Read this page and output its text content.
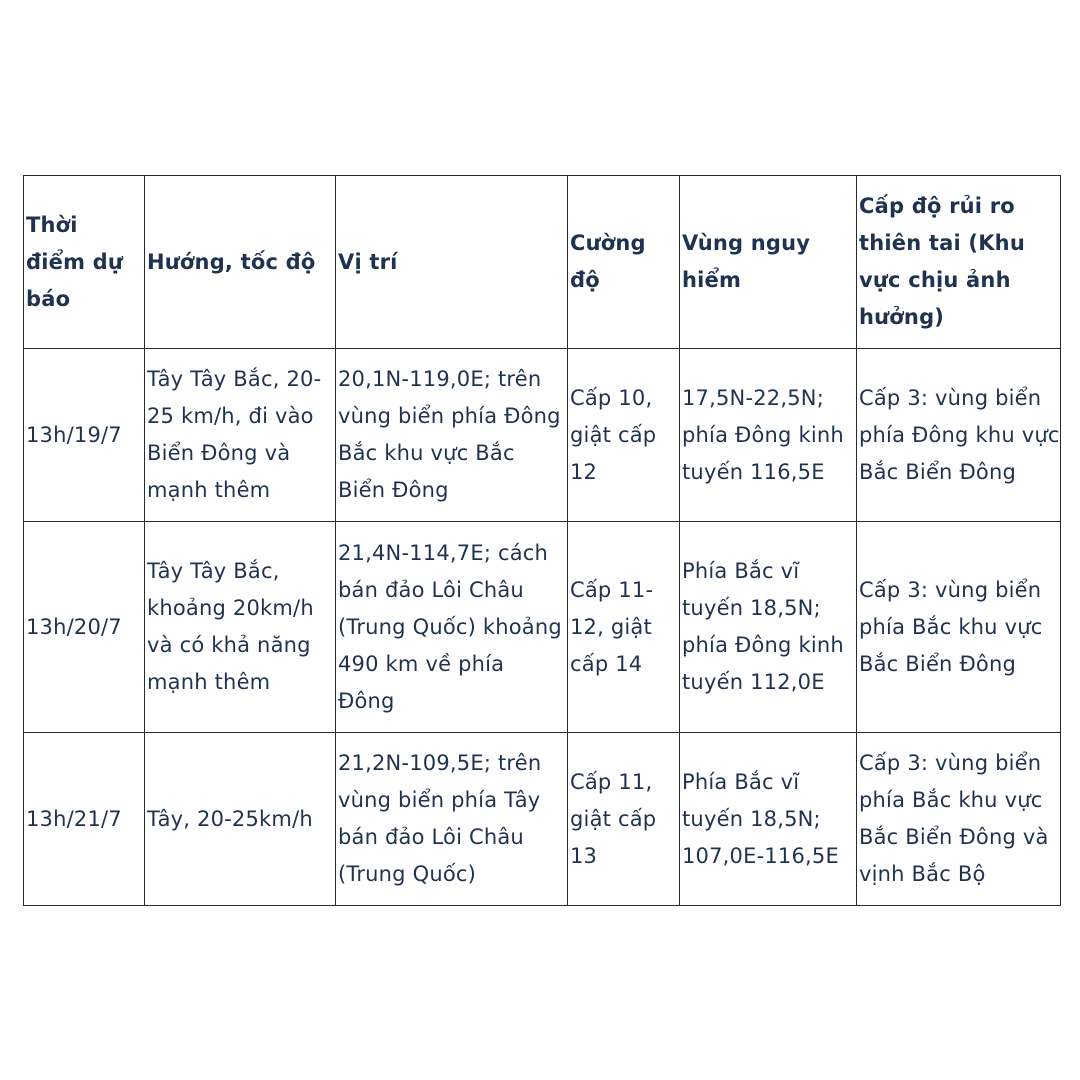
Thời điểm dự báo	Hướng, tốc độ	Vị trí	Cường độ	Vùng nguy hiểm	Cấp độ rủi ro thiên tai (Khu vực chịu ảnh hưởng)
13h/19/7	Tây Tây Bắc, 20-25 km/h, đi vào Biển Đông và mạnh thêm	20,1N-119,0E; trên vùng biển phía Đông Bắc khu vực Bắc Biển Đông	Cấp 10, giật cấp 12	17,5N-22,5N; phía Đông kinh tuyến 116,5E	Cấp 3: vùng biển phía Đông khu vực Bắc Biển Đông
13h/20/7	Tây Tây Bắc, khoảng 20km/h và có khả năng mạnh thêm	21,4N-114,7E; cách bán đảo Lôi Châu (Trung Quốc) khoảng 490 km về phía Đông	Cấp 11-12, giật cấp 14	Phía Bắc vĩ tuyến 18,5N; phía Đông kinh tuyến 112,0E	Cấp 3: vùng biển phía Bắc khu vực Bắc Biển Đông
13h/21/7	Tây, 20-25km/h	21,2N-109,5E; trên vùng biển phía Tây bán đảo Lôi Châu (Trung Quốc)	Cấp 11, giật cấp 13	Phía Bắc vĩ tuyến 18,5N; 107,0E-116,5E	Cấp 3: vùng biển phía Bắc khu vực Bắc Biển Đông và vịnh Bắc Bộ
